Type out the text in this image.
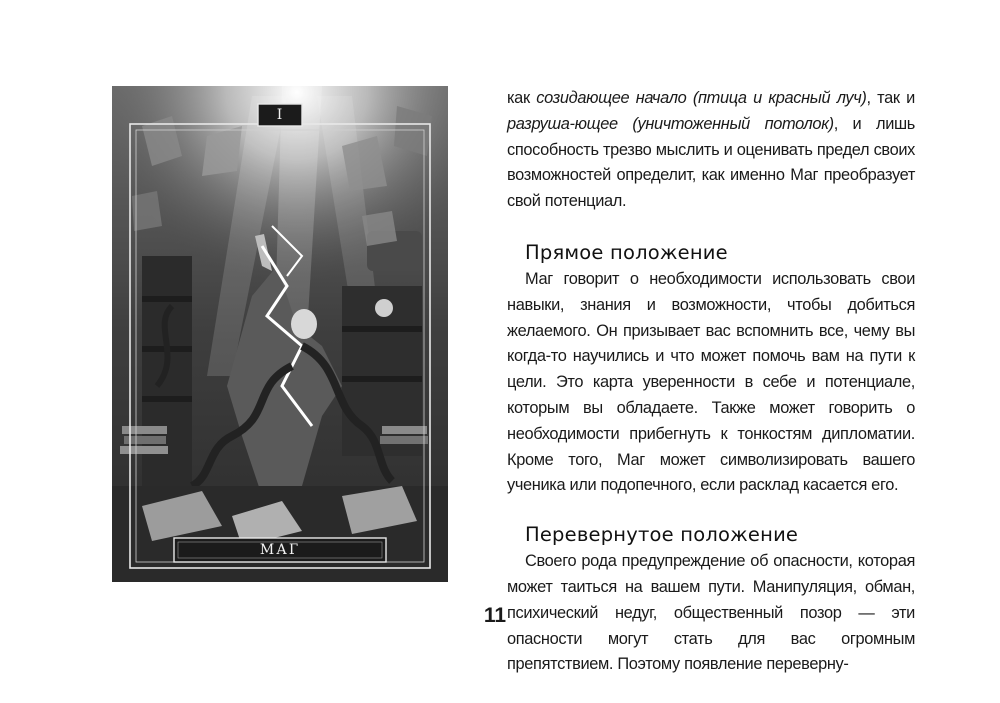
I
МАГ

как созидающее начало (птица и красный луч), так и разруша-ющее (уничтоженный потолок), и лишь способность трезво мыслить и оценивать предел своих возможностей определит, как именно Маг преобразует свой потенциал.

Прямое положение

Маг говорит о необходимости использовать свои навыки, знания и возможности, чтобы добиться желаемого. Он призывает вас вспомнить все, чему вы когда-то научились и что может помочь вам на пути к цели. Это карта уверенности в себе и потенциале, которым вы обладаете. Также может говорить о необходимости прибегнуть к тонкостям дипломатии. Кроме того, Маг может символизировать вашего ученика или подопечного, если расклад касается его.

Перевернутое положение

Своего рода предупреждение об опасности, которая может таиться на вашем пути. Манипуляция, обман, психический недуг, общественный позор — эти опасности могут стать для вас огромным препятствием. Поэтому появление переверну-

11
